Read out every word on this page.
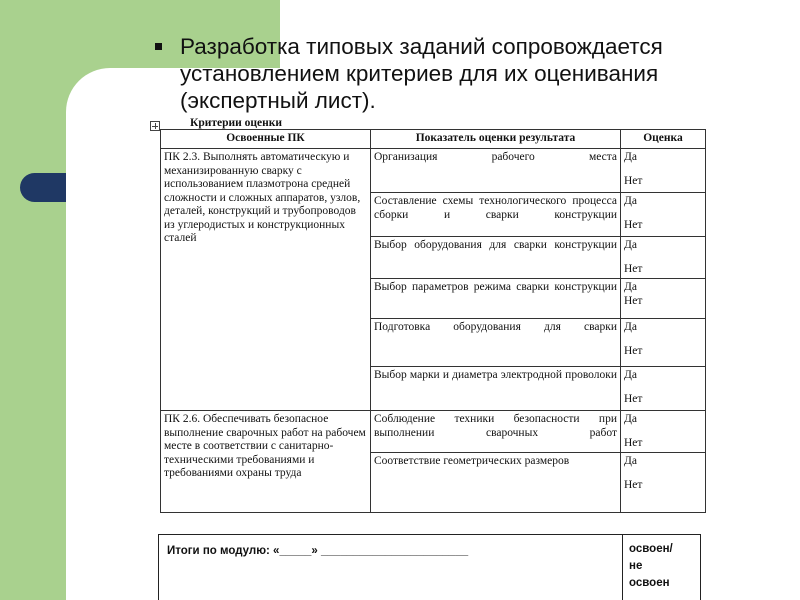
Разработка типовых заданий сопровождается установлением критериев для их оценивания (экспертный лист).
Критерии оценки
Освоенные ПК	Показатель оценки результата	Оценка
ПК 2.3. Выполнять автоматическую и механизированную сварку с использованием плазмотрона средней сложности и сложных аппаратов, узлов, деталей, конструкций и трубопроводов из углеродистых и конструкционных сталей	Организация рабочего места	Да
Нет

	Составление схемы технологического процесса сборки и сварки конструкции	Да
Нет

	Выбор оборудования для сварки конструкции	Да
Нет

	Выбор параметров режима сварки конструкции	Да
Нет

	Подготовка оборудования для сварки	Да
Нет

	Выбор марки и диаметра электродной проволоки	Да
Нет

ПК 2.6. Обеспечивать безопасное выполнение сварочных работ на рабочем месте в соответствии с санитарно-техническими требованиями и требованиями охраны труда	Соблюдение техники безопасности при выполнении сварочных работ	Да
Нет

	Соответствие геометрических размеров	Да
Нет
Итоги по модулю: «_____» _______________________	освоен/
не
освоен
